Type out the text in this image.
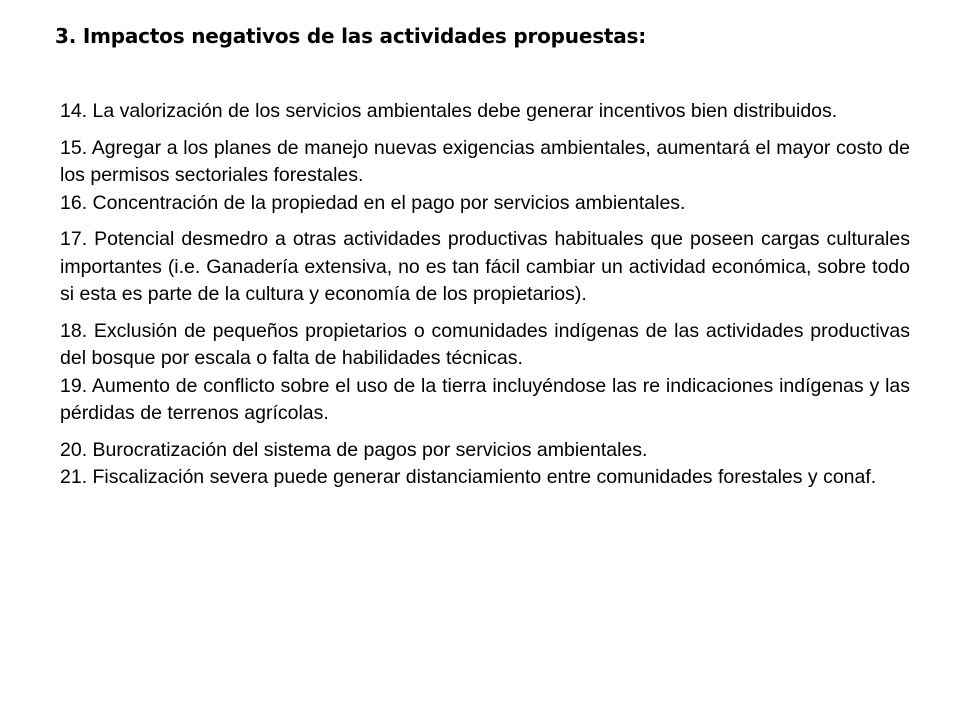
3. Impactos negativos de las actividades propuestas:
14. La valorización de los servicios ambientales debe generar incentivos bien distribuidos.
15. Agregar a los planes de manejo nuevas exigencias ambientales, aumentará el mayor costo de los permisos sectoriales forestales.
16. Concentración de la propiedad en el pago por servicios ambientales.
17. Potencial desmedro a otras actividades productivas habituales que poseen cargas culturales importantes (i.e. Ganadería extensiva, no es tan fácil cambiar un actividad económica, sobre todo si esta es parte de la cultura y economía de los propietarios).
18. Exclusión de pequeños propietarios o comunidades indígenas de las actividades productivas del bosque por escala o falta de habilidades técnicas.
19. Aumento de conflicto sobre el uso de la tierra incluyéndose las re indicaciones indígenas y las pérdidas de terrenos agrícolas.
20. Burocratización del sistema de pagos por servicios ambientales.
21. Fiscalización severa puede generar distanciamiento entre comunidades forestales y conaf.
